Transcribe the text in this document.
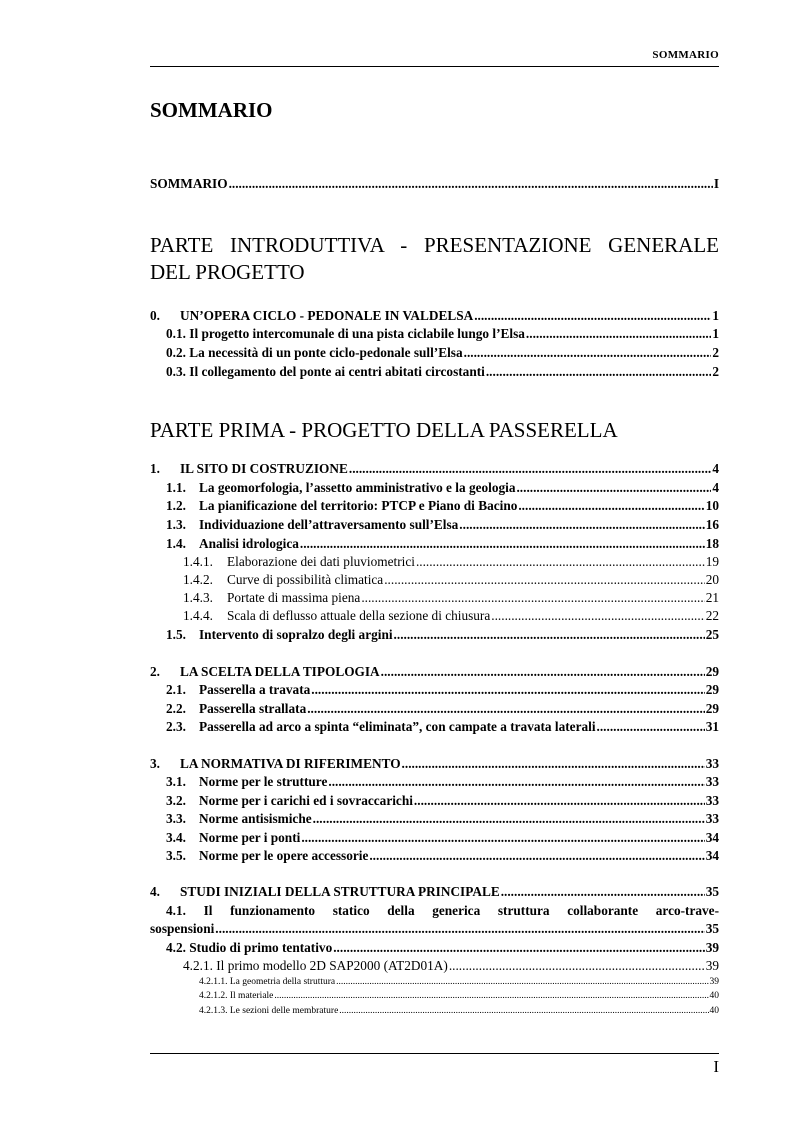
SOMMARIO
SOMMARIO
SOMMARIO .....	I
PARTE INTRODUTTIVA - PRESENTAZIONE GENERALE DEL PROGETTO
0.	UN’OPERA CICLO - PEDONALE IN VALDELSA .....	1
0.1. Il progetto intercomunale di una pista ciclabile lungo l’Elsa .....	1
0.2. La necessità di un ponte ciclo-pedonale sull’Elsa .....	2
0.3. Il collegamento del ponte ai centri abitati circostanti .....	2
PARTE PRIMA - PROGETTO DELLA PASSERELLA
1.	IL SITO DI COSTRUZIONE .....	4
1.1. La geomorfologia, l’assetto amministrativo e la geologia .....	4
1.2. La pianificazione del territorio: PTCP e Piano di Bacino .....	10
1.3. Individuazione dell’attraversamento sull’Elsa .....	16
1.4. Analisi idrologica .....	18
1.4.1.	Elaborazione dei dati pluviometrici .....	19
1.4.2.	Curve di possibilità climatica .....	20
1.4.3.	Portate di massima piena .....	21
1.4.4.	Scala di deflusso attuale della sezione di chiusura .....	22
1.5. Intervento di sopralzo degli argini .....	25
2.	LA SCELTA DELLA TIPOLOGIA .....	29
2.1. Passerella a travata .....	29
2.2. Passerella strallata .....	29
2.3. Passerella ad arco a spinta “eliminata”, con campate a travata laterali .....	31
3.	LA NORMATIVA DI RIFERIMENTO .....	33
3.1. Norme per le strutture .....	33
3.2. Norme per i carichi ed i sovraccarichi .....	33
3.3. Norme antisismiche .....	33
3.4. Norme per i ponti .....	34
3.5. Norme per le opere accessorie .....	34
4.	STUDI INIZIALI DELLA STRUTTURA PRINCIPALE .....	35
4.1. Il funzionamento statico della generica struttura collaborante arco-trave-
sospensioni .....	35
4.2. Studio di primo tentativo .....	39
4.2.1. Il primo modello 2D SAP2000 (AT2D01A) .....	39
4.2.1.1. La geometria della struttura .....	39
4.2.1.2. Il materiale .....	40
4.2.1.3. Le sezioni delle membrature .....	40
I
